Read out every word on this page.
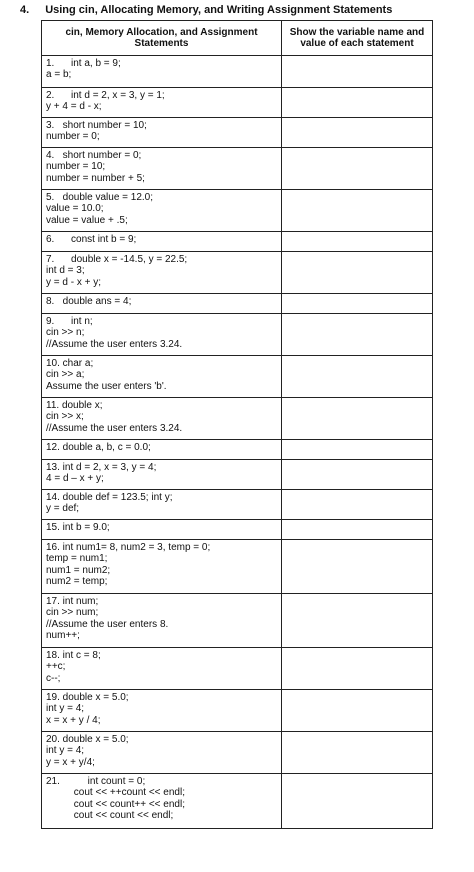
4. Using cin, Allocating Memory, and Writing Assignment Statements
cin, Memory Allocation, and Assignment Statements	Show the variable name and value of each statement

1.      int a, b = 9;
a = b;	

2.      int d = 2, x = 3, y = 1;
y + 4 = d - x;	

3.   short number = 10;
number = 0;	

4.   short number = 0;
number = 10;
number = number + 5;	

5.   double value = 12.0;
value = 10.0;
value = value + .5;	

6.      const int b = 9;	

7.      double x = -14.5, y = 22.5;
int d = 3;
y = d - x + y;	

8.   double ans = 4;	

9.      int n;
cin >> n;
//Assume the user enters 3.24.	

10. char a;
cin >> a;
Assume the user enters 'b'.	

11. double x;
cin >> x;
//Assume the user enters 3.24.	

12. double a, b, c = 0.0;	

13. int d = 2, x = 3, y = 4;
4 = d – x + y;	

14. double def = 123.5; int y;
y = def;	

15. int b = 9.0;	

16. int num1= 8, num2 = 3, temp = 0;
temp = num1;
num1 = num2;
num2 = temp;	

17. int num;
cin >> num;
//Assume the user enters 8.
num++;	

18. int c = 8;
++c;
c--;	

19. double x = 5.0;
int y = 4;
x = x + y / 4;	

20. double x = 5.0;
int y = 4;
y = x + y/4;	

21.          int count = 0;
cout << ++count << endl;
cout << count++ << endl;
cout << count << endl;	
